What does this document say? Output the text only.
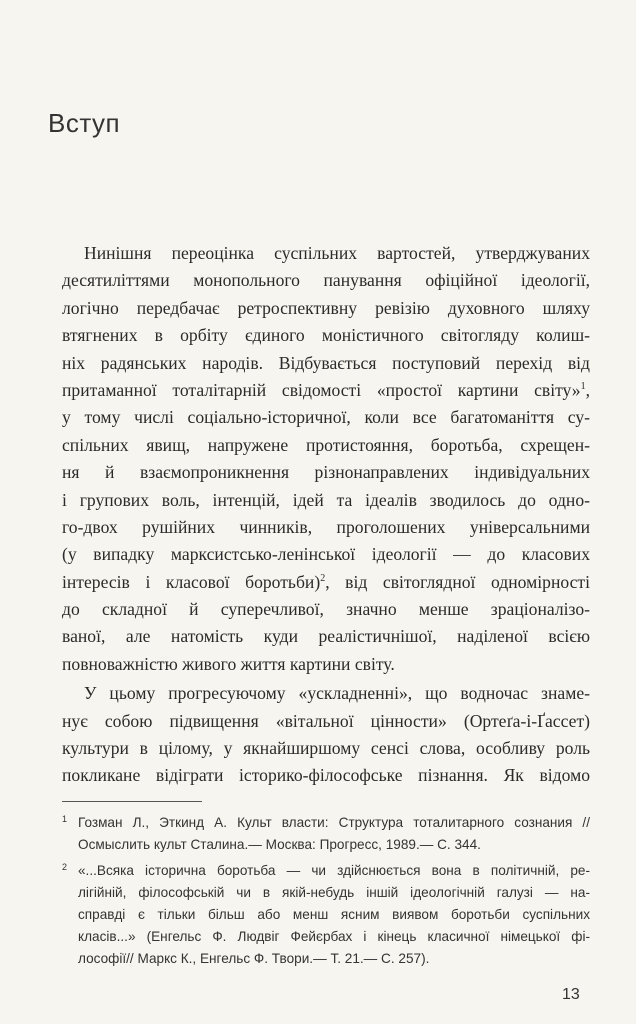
Вступ
Нинішня переоцінка суспільних вартостей, утверджуваних
десятиліттями монопольного панування офіційної ідеології,
логічно передбачає ретроспективну ревізію духовного шляху
втягнених в орбіту єдиного моністичного світогляду колиш-
ніх радянських народів. Відбувається поступовий перехід від
притаманної тоталітарній свідомості «простої картини світу»$^1$,
у тому числі соціально-історичної, коли все багатоманіття су-
спільних явищ, напружене протистояння, боротьба, схрещен-
ня й взаємопроникнення різнонаправлених індивідуальних
і групових воль, інтенцій, ідей та ідеалів зводилось до одно-
го-двох рушійних чинників, проголошених універсальними
(у випадку марксистсько-ленінської ідеології — до класових
інтересів і класової боротьби)$^2$, від світоглядної одномірності
до складної й суперечливої, значно менше зраціоналізо-
ваної, але натомість куди реалістичнішої, наділеної всією
повноважністю живого життя картини світу.
У цьому прогресуючому «ускладненні», що водночас знаме-
нує собою підвищення «вітальної цінности» (Ортеґа-і-Ґассет)
культури в цілому, у якнайширшому сенсі слова, особливу роль
покликане відіграти історико-філософське пізнання. Як відомо
1 Гозман Л., Эткинд А. Культ власти: Структура тоталитарного сознания //
Осмыслить культ Сталина.— Москва: Прогресс, 1989.— С. 344.
2 «...Всяка історична боротьба — чи здійснюється вона в політичній, ре-
лігійній, філософській чи в якій-небудь іншій ідеологічній галузі — на-
справді є тільки більш або менш ясним виявом боротьби суспільних
класів...» (Енгельс Ф. Людвіг Фейєрбах і кінець класичної німецької фі-
лософії// Маркс К., Енгельс Ф. Твори.— Т. 21.— С. 257).
13
